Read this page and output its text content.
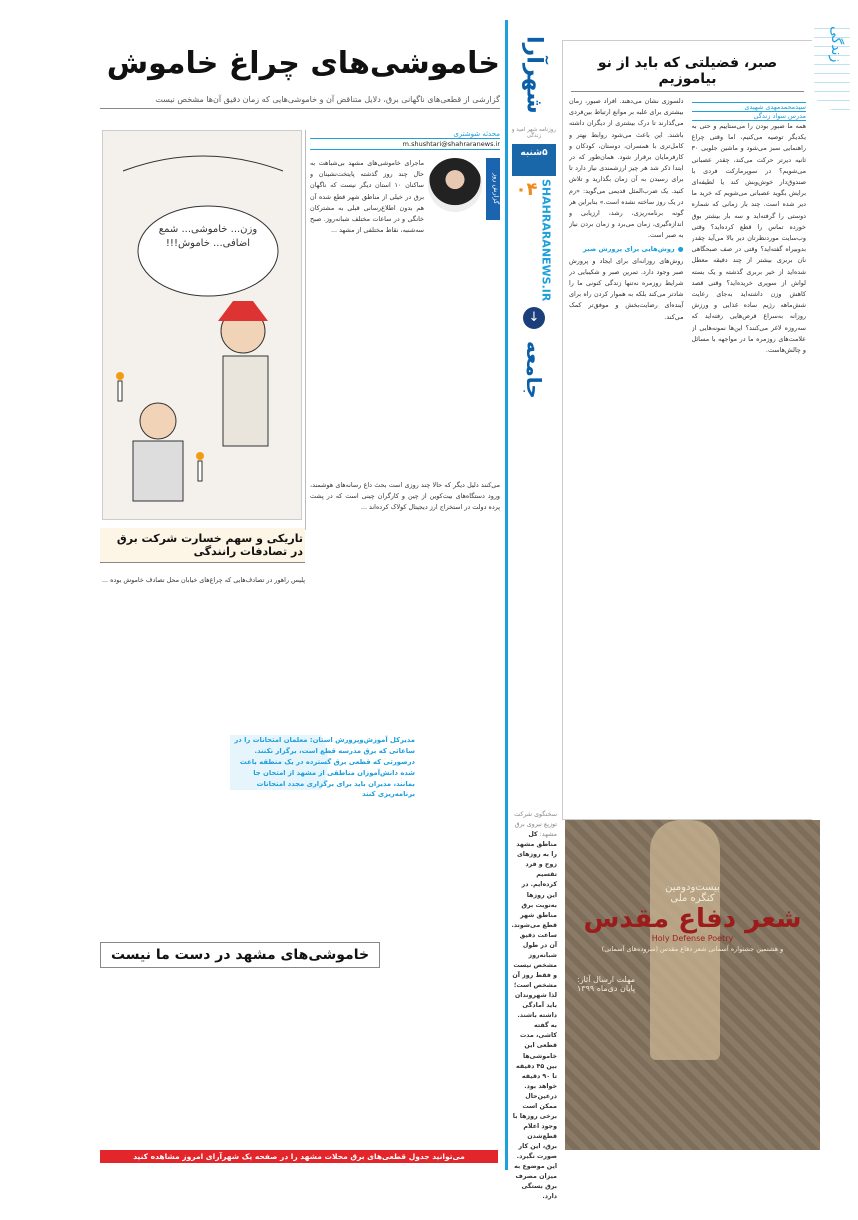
زندگی
شهرآرا
روزنامه شهر امید و زندگی
۵شنبه
SHAHRARANEWS.IR
۰۴
↓
جامعه
سخنگوی شرکت توزیع نیروی برق مشهد: کل مناطق مشهد را به روزهای زوج و فرد تقسیم کرده‌ایم. در این روزها به‌نوبت برق مناطق شهر قطع می‌شوند. ساعت دقیق آن در طول شبانه‌روز مشخص نیست و فقط روز آن مشخص است؛ لذا شهروندان باید آمادگی داشته باشند. به گفته کاشی، مدت قطعی این خاموشی‌ها بین ۴۵ دقیقه تا ۹۰ دقیقه خواهد بود. درعین‌حال ممکن است برخی روزها با وجود اعلام قطع‌شدن برق، این کار صورت نگیرد. این موضوع به میزان مصرف برق بستگی دارد.
خاموشی‌های چراغ خاموش
گزارشی از قطعی‌های ناگهانی برق، دلایل متناقض آن و خاموشی‌هایی که زمان دقیق آن‌ها مشخص نیست
محدثه شوشتری
m.shushtari@shahraranews.ir
گزارش روز
ماجرای خاموشی‌های مشهد بی‌شباهت به حال چند روز گذشته پایتخت‌نشینان و ساکنان ۱۰ استان دیگر نیست که ناگهان برق در خیلی از مناطق شهر قطع شده آن هم بدون اطلاع‌رسانی قبلی به مشترکان خانگی و در ساعات مختلف شبانه‌روز. صبح سه‌شنبه، نقاط مختلفی از مشهد ...
وزن... خاموشی... شمع اضافی... خاموش!!!
می‌کنند دلیل دیگر که حالا چند روزی است بحث داغ رسانه‌های هوشمند، ورود دستگاه‌های بیت‌کوین از چین و کارگران چینی است که در پشت پرده دولت در استخراج ارز دیجیتال کولاک کرده‌اند ...
مدیرکل آموزش‌وپرورش استان: معلمان امتحانات را در ساعاتی که برق مدرسه قطع است، برگزار نکنند. درصورتی که قطعی برق گسترده در یک منطقه باعث شده دانش‌آموزان مناطقی از مشهد از امتحان جا بمانند، مدیران باید برای برگزاری مجدد امتحانات برنامه‌ریزی کنند
تاریکی و سهم خسارت شرکت برق در تصادفات رانندگی
پلیس راهور در تصادف‌هایی که چراغ‌های خیابان محل تصادف خاموش بوده ...
خاموشی‌های مشهد در دست ما نیست
می‌توانید جدول قطعی‌های برق محلات مشهد را در صفحه یک شهرآرای امروز مشاهده کنید
صبر، فضیلتی که باید از نو بیاموزیم
سیدمحمدمهدی شهیدی
مدرس سواد زندگی
همه ما صبور بودن را می‌ستاییم و حتی به یکدیگر توصیه می‌کنیم، اما وقتی چراغ راهنمایی سبز می‌شود و ماشین جلویی ۳۰ ثانیه دیرتر حرکت می‌کند، چقدر عصبانی می‌شویم؟ در سوپرمارکت فردی با صندوق‌دار خوش‌وبش کند یا لطیفه‌ای برایش بگوید عصبانی می‌شویم که خرید ما دیر شده است. چند بار زمانی که شماره دوستی را گرفته‌اید و سه بار بیشتر بوق خورده تماس را قطع کرده‌اید؟ وقتی وب‌سایت موردنظرتان دیر بالا می‌آید چقدر بدوبیراه گفته‌اید؟ وقتی در صف صبحگاهی نان بربری بیشتر از چند دقیقه معطل شده‌اید از خیر بربری گذشته و یک بسته لواش از سوپری خریده‌اید؟ وقتی قصد کاهش وزن داشته‌اید به‌جای رعایت شش‌ماهه رژیم ساده غذایی و ورزش روزانه به‌سراغ قرص‌هایی رفته‌اید که سه‌روزه لاغر می‌کنند؟ این‌ها نمونه‌هایی از علامت‌های روزمره ما در مواجهه با مسائل و چالش‌هاست.
دلسوزی نشان می‌دهند. افراد صبور، زمان بیشتری برای غلبه بر موانع ارتباط بین‌فردی می‌گذارند تا درک بیشتری از دیگران داشته باشند. این باعث می‌شود روابط بهتر و کامل‌تری با همسران، دوستان، کودکان و کارفرمایان برقرار شود. همان‌طور که در ابتدا ذکر شد هر چیز ارزشمندی نیاز دارد تا برای رسیدن به آن زمان بگذارید و تلاش کنید. یک ضرب‌المثل قدیمی می‌گوید: «رم در یک روز ساخته نشده است.» بنابراین هر گونه برنامه‌ریزی، رشد، ارزیابی و اندازه‌گیری، زمان می‌برد و زمان بردن نیاز به صبر است.
● روش‌هایی برای پرورش صبر
روش‌های روزانه‌ای برای ایجاد و پرورش صبر وجود دارد. تمرین صبر و شکیبایی در شرایط روزمره نه‌تنها زندگی کنونی ما را شادتر می‌کند بلکه به هموار کردن راه برای آینده‌ای رضایت‌بخش و موفق‌تر کمک می‌کند.
بیست‌ودومین
کنگره ملی
شعر دفاع مقدس
Holy Defense Poetry
و هشتمین جشنواره آسمانی شعر دفاع مقدس (سروده‌های آسمانی)
مهلت ارسال آثار:
پایان دی‌ماه ۱۳۹۹
